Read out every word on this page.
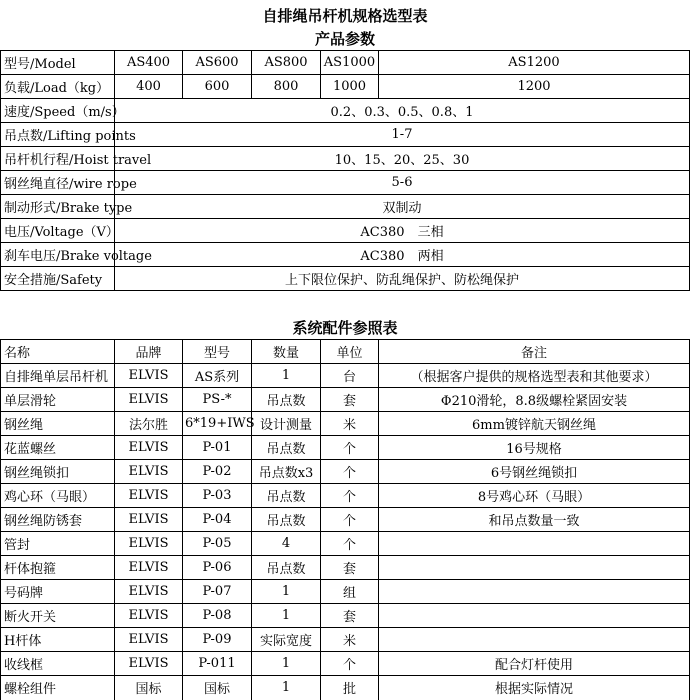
自排绳吊杆机规格选型表
产品参数
型号/Model	AS400	AS600	AS800	AS1000	AS1200
负载/Load（kg）	400	600	800	1000	1200
速度/Speed（m/s）	0.2、0.3、0.5、0.8、1				
吊点数/Lifting points	1-7				
吊杆机行程/Hoist travel	10、15、20、25、30				
钢丝绳直径/wire rope	5-6				
制动形式/Brake type	双制动				
电压/Voltage（V）	AC380　三相				
刹车电压/Brake voltage	AC380　两相				
安全措施/Safety	上下限位保护、防乱绳保护、防松绳保护				
系统配件参照表
名称	品牌	型号	数量	单位	备注
自排绳单层吊杆机	ELVIS	AS系列	1	台	（根据客户提供的规格选型表和其他要求）
单层滑轮	ELVIS	PS-*	吊点数	套	Φ210滑轮，8.8级螺栓紧固安装
钢丝绳	法尔胜	6*19+IWS	设计测量	米	6mm镀锌航天钢丝绳
花蓝螺丝	ELVIS	P-01	吊点数	个	16号规格
钢丝绳锁扣	ELVIS	P-02	吊点数x3	个	6号钢丝绳锁扣
鸡心环（马眼）	ELVIS	P-03	吊点数	个	8号鸡心环（马眼）
钢丝绳防锈套	ELVIS	P-04	吊点数	个	和吊点数量一致
管封	ELVIS	P-05	4	个	
杆体抱箍	ELVIS	P-06	吊点数	套	
号码牌	ELVIS	P-07	1	组	
断火开关	ELVIS	P-08	1	套	
H杆体	ELVIS	P-09	实际宽度	米	
收线框	ELVIS	P-011	1	个	配合灯杆使用
螺栓组件	国标	国标	1	批	根据实际情况
